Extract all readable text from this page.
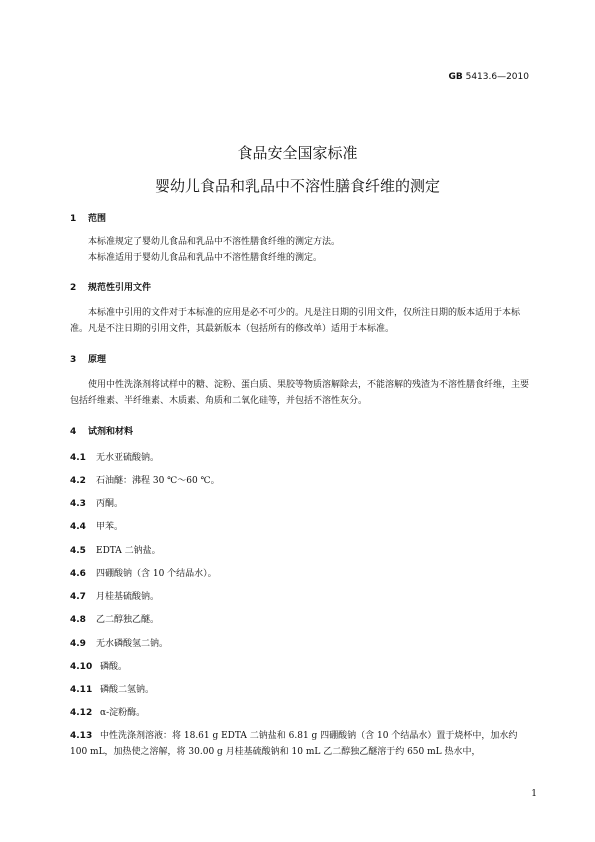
GB 5413.6—2010
食品安全国家标准
婴幼儿食品和乳品中不溶性膳食纤维的测定
1 范围
本标准规定了婴幼儿食品和乳品中不溶性膳食纤维的测定方法。
本标准适用于婴幼儿食品和乳品中不溶性膳食纤维的测定。
2 规范性引用文件
本标准中引用的文件对于本标准的应用是必不可少的。凡是注日期的引用文件，仅所注日期的版本适用于本标准。凡是不注日期的引用文件，其最新版本（包括所有的修改单）适用于本标准。
3 原理
使用中性洗涤剂将试样中的糖、淀粉、蛋白质、果胶等物质溶解除去，不能溶解的残渣为不溶性膳食纤维，主要包括纤维素、半纤维素、木质素、角质和二氧化硅等，并包括不溶性灰分。
4 试剂和材料
4.1 无水亚硫酸钠。
4.2 石油醚：沸程 30 ℃～60 ℃。
4.3 丙酮。
4.4 甲苯。
4.5 EDTA 二钠盐。
4.6 四硼酸钠（含 10 个结晶水）。
4.7 月桂基硫酸钠。
4.8 乙二醇独乙醚。
4.9 无水磷酸氢二钠。
4.10 磷酸。
4.11 磷酸二氢钠。
4.12 α-淀粉酶。
4.13 中性洗涤剂溶液：将 18.61 g EDTA 二钠盐和 6.81 g 四硼酸钠（含 10 个结晶水）置于烧杯中，加水约 100 mL，加热使之溶解，将 30.00 g 月桂基硫酸钠和 10 mL 乙二醇独乙醚溶于约 650 mL 热水中，
1
